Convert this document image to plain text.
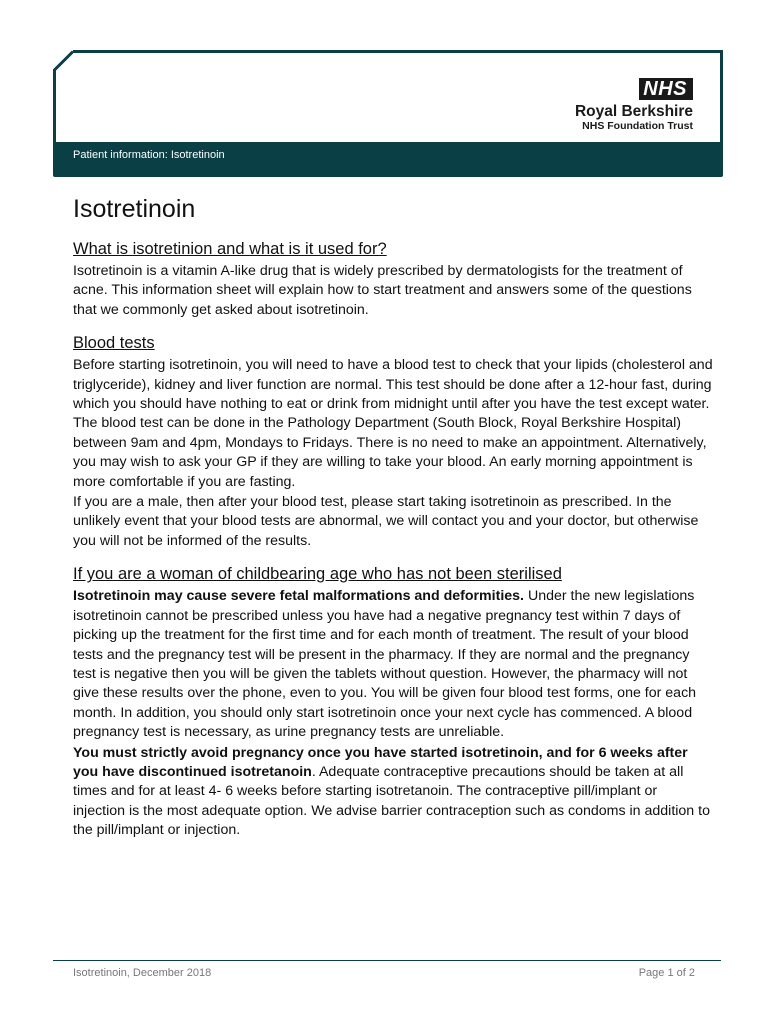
NHS
Royal Berkshire
NHS Foundation Trust
Patient information: Isotretinoin
Isotretinoin
What is isotretinion and what is it used for?

Isotretinoin is a vitamin A-like drug that is widely prescribed by dermatologists for the treatment of acne. This information sheet will explain how to start treatment and answers some of the questions that we commonly get asked about isotretinoin.

Blood tests

Before starting isotretinoin, you will need to have a blood test to check that your lipids (cholesterol and triglyceride), kidney and liver function are normal. This test should be done after a 12-hour fast, during which you should have nothing to eat or drink from midnight until after you have the test except water. The blood test can be done in the Pathology Department (South Block, Royal Berkshire Hospital) between 9am and 4pm, Mondays to Fridays. There is no need to make an appointment. Alternatively, you may wish to ask your GP if they are willing to take your blood. An early morning appointment is more comfortable if you are fasting.

If you are a male, then after your blood test, please start taking isotretinoin as prescribed. In the unlikely event that your blood tests are abnormal, we will contact you and your doctor, but otherwise you will not be informed of the results.

If you are a woman of childbearing age who has not been sterilised

Isotretinoin may cause severe fetal malformations and deformities. Under the new legislations isotretinoin cannot be prescribed unless you have had a negative pregnancy test within 7 days of picking up the treatment for the first time and for each month of treatment. The result of your blood tests and the pregnancy test will be present in the pharmacy. If they are normal and the pregnancy test is negative then you will be given the tablets without question. However, the pharmacy will not give these results over the phone, even to you. You will be given four blood test forms, one for each month. In addition, you should only start isotretinoin once your next cycle has commenced. A blood pregnancy test is necessary, as urine pregnancy tests are unreliable.

You must strictly avoid pregnancy once you have started isotretinoin, and for 6 weeks after you have discontinued isotretanoin. Adequate contraceptive precautions should be taken at all times and for at least 4- 6 weeks before starting isotretanoin. The contraceptive pill/implant or injection is the most adequate option. We advise barrier contraception such as condoms in addition to the pill/implant or injection.

Isotretinoin, December 2018	Page 1 of 2
